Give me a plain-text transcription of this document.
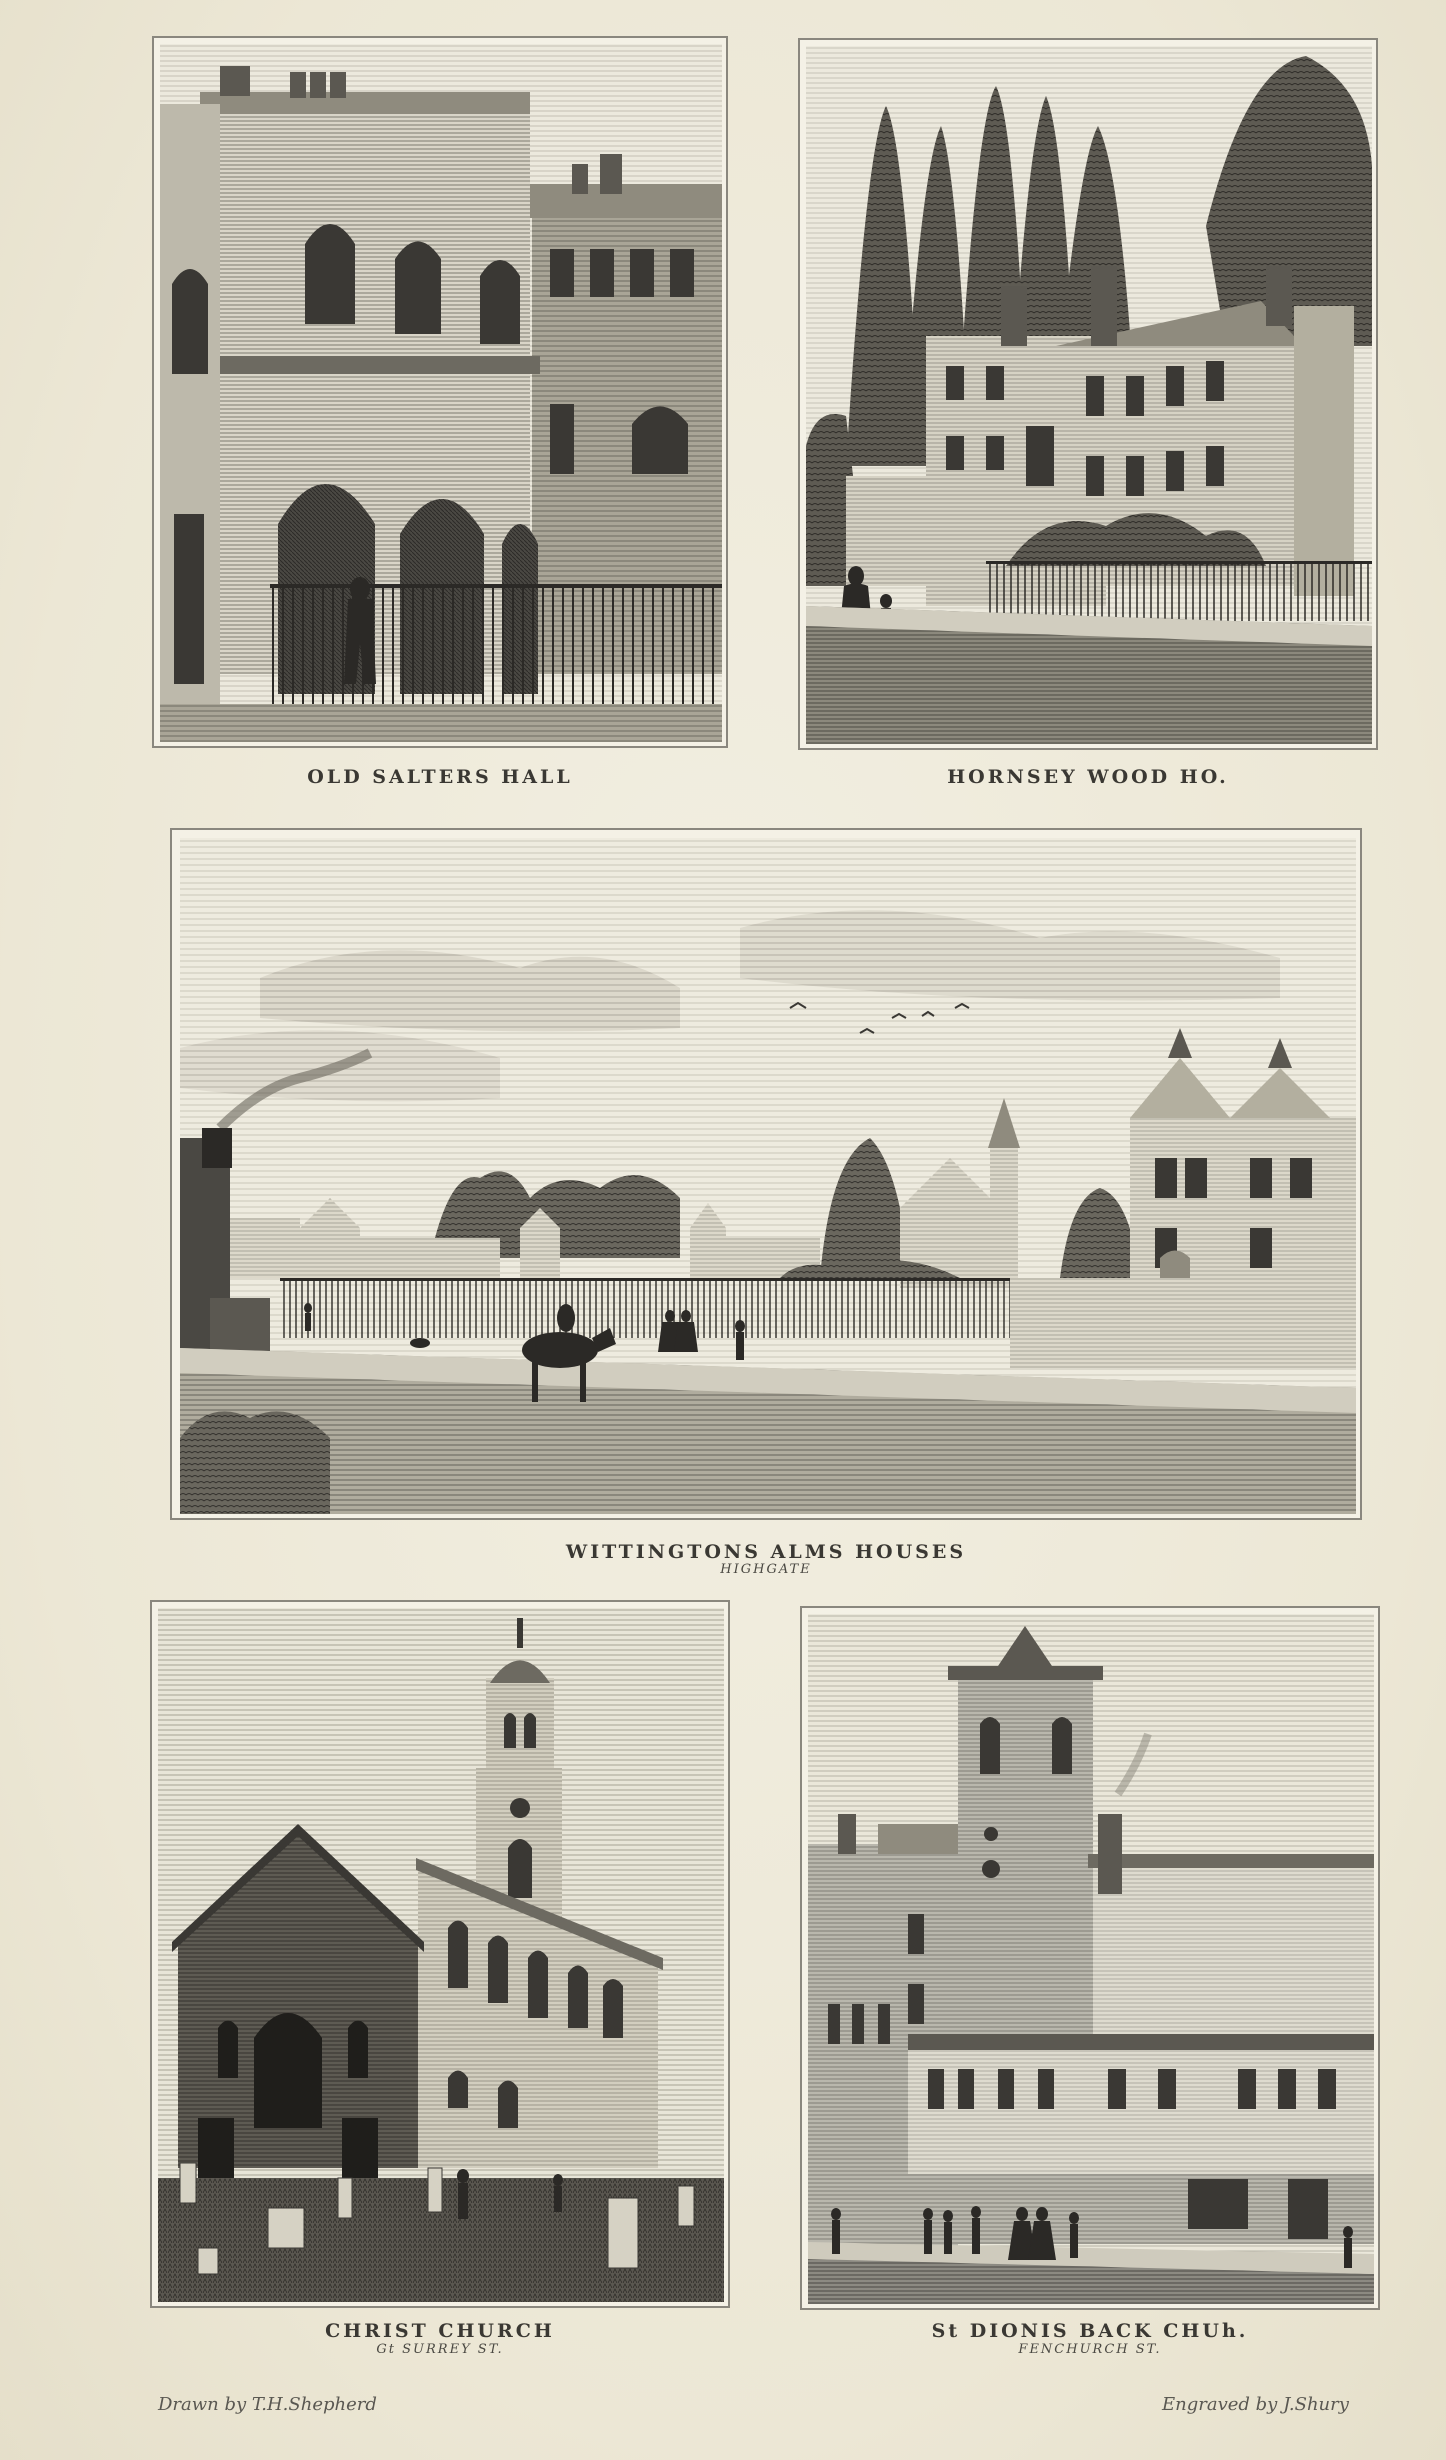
OLD SALTERS HALL	HORNSEY WOOD HO.
WITTINGTONS ALMS HOUSES
HIGHGATE
CHRIST CHURCH
Gt SURREY ST.
St DIONIS BACK CHUh.
FENCHURCH ST.
Drawn by T.H.Shepherd	Engraved by J.Shury
